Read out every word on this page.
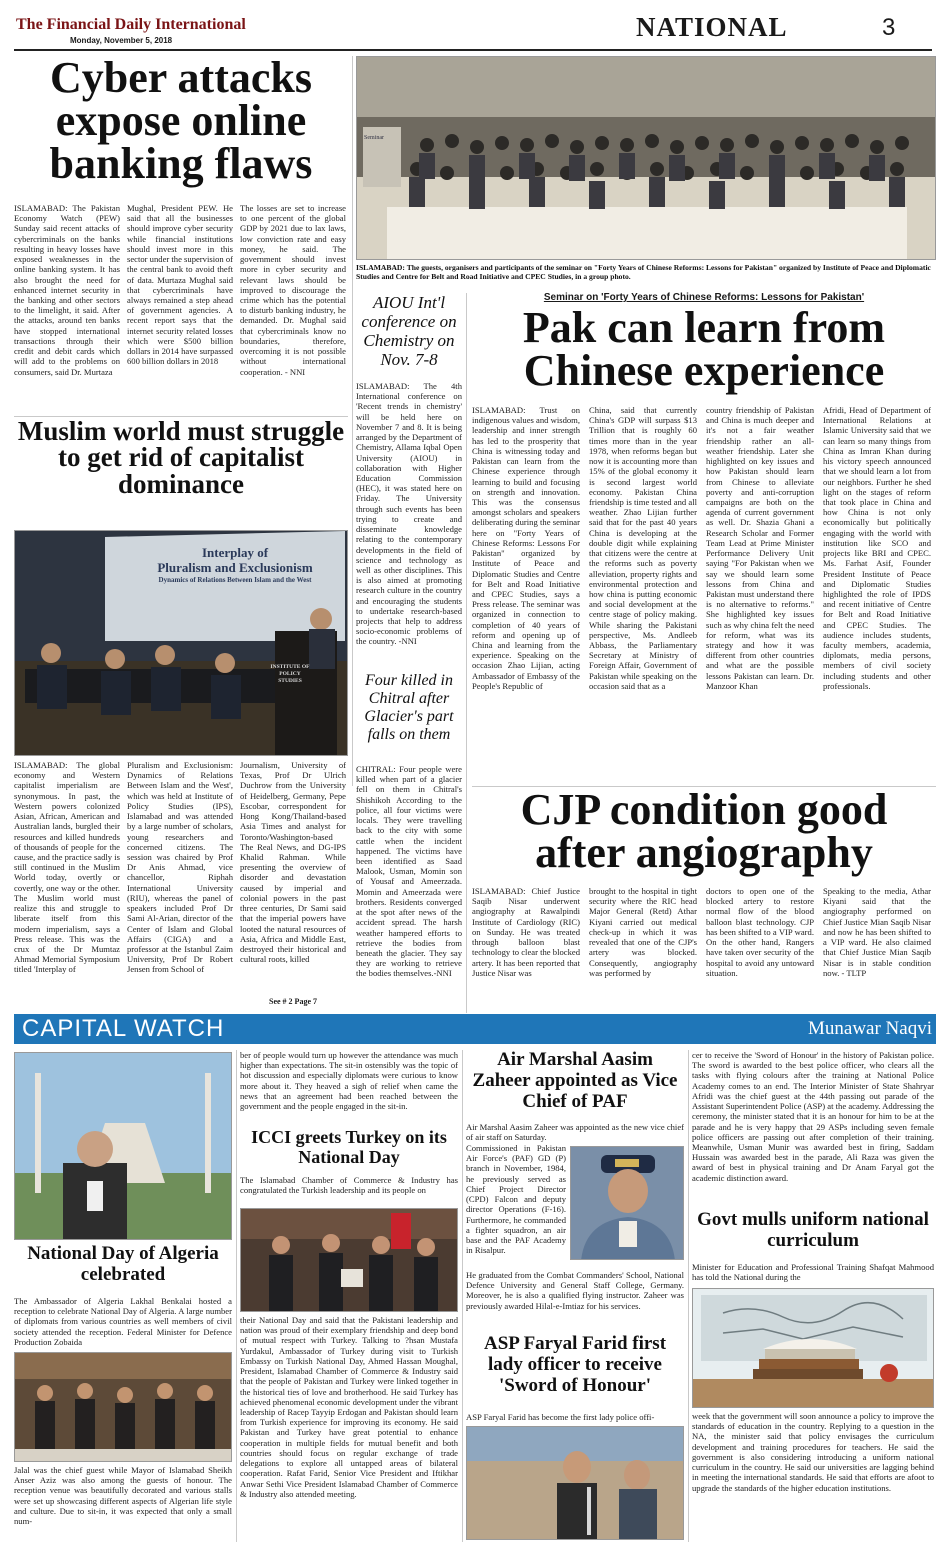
The Financial Daily International
Monday, November 5, 2018	NATIONAL	3
Cyber attacks expose online banking flaws
ISLAMABAD: The Pakistan Economy Watch (PEW) Sunday said recent attacks of cybercriminals on the banks resulting in heavy losses have exposed weaknesses in the online banking system. It has also brought the need for enhanced internet security in the banking and other sectors to the limelight, it said. After the attacks, around ten banks have stopped international transactions through their credit and debit cards which will add to the problems on consumers, said Dr. Murtaza
Mughal, President PEW. He said that all the businesses should improve cyber security while financial institutions should invest more in this sector under the supervision of the central bank to avoid theft of data. Murtaza Mughal said that cybercriminals have always remained a step ahead of government agencies. A recent report says that the internet security related losses which were $500 billion dollars in 2014 have surpassed 600 billion dollars in 2018
The losses are set to increase to one percent of the global GDP by 2021 due to lax laws, low conviction rate and easy money, he said. The government should invest more in cyber security and relevant laws should be improved to discourage the crime which has the potential to disturb banking industry, he demanded. Dr. Mughal said that cybercriminals know no boundaries, therefore, overcoming it is not possible without international cooperation. - NNI
Seminar
ISLAMABAD: The guests, organisers and participants of the seminar on "Forty Years of Chinese Reforms: Lessons for Pakistan" organized by Institute of Peace and Diplomatic Studies and Centre for Belt and Road Initiative and CPEC Studies, in a group photo.
AIOU Int'l conference on Chemistry on Nov. 7-8
ISLAMABAD: The 4th International conference on 'Recent trends in chemistry' will be held here on November 7 and 8. It is being arranged by the Department of Chemistry, Allama Iqbal Open University (AIOU) in collaboration with Higher Education Commission (HEC), it was stated here on Friday. The University through such events has been trying to create and disseminate knowledge relating to the contemporary developments in the field of science and technology as well as other disciplines. This is also aimed at promoting research culture in the country and encouraging the students to undertake research-based projects that help to address socio-economic problems of the country. -NNI
Four killed in Chitral after Glacier's part falls on them
CHITRAL: Four people were killed when part of a glacier fell on them in Chitral's Shishikoh According to the police, all four victims were locals. They were travelling back to the city with some cattle when the incident happened. The victims have been identified as Saad Malook, Usman, Momin son of Yousaf and Ameerzada. Momin and Ameerzada were brothers. Residents converged at the spot after news of the accident spread. The harsh weather hampered efforts to retrieve the bodies from beneath the glacier. They say they are working to retrieve the bodies themselves.-NNI
Muslim world must struggle to get rid of capitalist dominance
Interplay of
Pluralism and Exclusionism
Dynamics of Relations Between Islam and the West
INSTITUTE OF POLICY STUDIES
ISLAMABAD: The global economy and Western capitalist imperialism are synonymous. In past, the Western powers colonized Asian, African, American and Australian lands, burgled their resources and killed hundreds of thousands of people for the cause, and the practice sadly is still continued in the Muslim World today, overtly or covertly, one way or the other. The Muslim world must realize this and struggle to liberate itself from this modern imperialism, says a Press release. This was the crux of the Dr Mumtaz Ahmad Memorial Symposium titled 'Interplay of
Pluralism and Exclusionism: Dynamics of Relations Between Islam and the West', which was held at Institute of Policy Studies (IPS), Islamabad and was attended by a large number of scholars, young researchers and concerned citizens. The session was chaired by Prof Dr Anis Ahmad, vice chancellor, Riphah International University (RIU), whereas the panel of speakers included Prof Dr Sami Al-Arian, director of the Center of Islam and Global Affairs (CIGA) and a professor at the Istanbul Zaim University, Prof Dr Robert Jensen from School of
Journalism, University of Texas, Prof Dr Ulrich Duchrow from the University of Heidelberg, Germany, Pepe Escobar, correspondent for Hong Kong/Thailand-based Asia Times and analyst for Toronto/Washington-based The Real News, and DG-IPS Khalid Rahman. While presenting the overview of disorder and devastation caused by imperial and colonial powers in the past three centuries, Dr Sami said that the imperial powers have looted the natural resources of Asia, Africa and Middle East, destroyed their historical and cultural roots, killed
See # 2 Page 7
Seminar on 'Forty Years of Chinese Reforms: Lessons for Pakistan'
Pak can learn from Chinese experience
ISLAMABAD: Trust on indigenous values and wisdom, leadership and inner strength has led to the prosperity that China is witnessing today and Pakistan can learn from the Chinese experience through learning to build and focusing on strength and innovation. This was the consensus amongst scholars and speakers deliberating during the seminar here on "Forty Years of Chinese Reforms: Lessons For Pakistan" organized by Institute of Peace and Diplomatic Studies and Centre for Belt and Road Initiative and CPEC Studies, says a Press release. The seminar was organized in connection to completion of 40 years of reform and opening up of China and learning from the experience. Speaking on the occasion Zhao Lijian, acting Ambassador of Embassy of the People's Republic of
China, said that currently China's GDP will surpass $13 Trillion that is roughly 60 times more than in the year 1978, when reforms began but now it is accounting more than 15% of the global economy it is second largest world economy. Pakistan China friendship is time tested and all weather. Zhao Lijian further said that for the past 40 years China is developing at the double digit while explaining that citizens were the centre at the reforms such as poverty alleviation, property rights and environmental protection and how china is putting economic and social development at the centre stage of policy making. While sharing the Pakistani perspective, Ms. Andleeb Abbass, the Parliamentary Secretary at Ministry of Foreign Affair, Government of Pakistan while speaking on the occasion said that as a
country friendship of Pakistan and China is much deeper and it's not a fair weather friendship rather an all-weather friendship. Later she highlighted on key issues and how Pakistan should learn from Chinese to alleviate poverty and anti-corruption campaigns are both on the agenda of current government as well. Dr. Shazia Ghani a Research Scholar and Former Team Lead at Prime Minister Performance Delivery Unit saying "For Pakistan when we say we should learn some lessons from China and Pakistan must understand there is no alternative to reforms." She highlighted key issues such as why china felt the need for reform, what was its strategy and how it was different from other countries and what are the possible lessons Pakistan can learn. Dr. Manzoor Khan
Afridi, Head of Department of International Relations at Islamic University said that we can learn so many things from China as Imran Khan during his victory speech announced that we should learn a lot from our neighbors. Further he shed light on the stages of reform that took place in China and how China is not only economically but politically engaging with the world with institution like SCO and projects like BRI and CPEC. Ms. Farhat Asif, Founder President Institute of Peace and Diplomatic Studies highlighted the role of IPDS and recent initiative of Centre for Belt and Road Initiative and CPEC Studies. The audience includes students, faculty members, academia, diplomats, media persons, members of civil society including students and other professionals.
CJP condition good after angiography
ISLAMABAD: Chief Justice Saqib Nisar underwent angiography at Rawalpindi Institute of Cardiology (RIC) on Sunday. He was treated through balloon blast technology to clear the blocked artery. It has been reported that Justice Nisar was
brought to the hospital in tight security where the RIC head Major General (Retd) Athar Kiyani carried out medical check-up in which it was revealed that one of the CJP's artery was blocked. Consequently, angiography was performed by
doctors to open one of the blocked artery to restore normal flow of the blood balloon blast technology. CJP has been shifted to a VIP ward. On the other hand, Rangers have taken over security of the hospital to avoid any untoward situation.
Speaking to the media, Athar Kiyani said that the angiography performed on Chief Justice Mian Saqib Nisar and now he has been shifted to a VIP ward. He also claimed that Chief Justice Mian Saqib Nisar is in stable condition now. - TLTP
CAPITAL WATCH	Munawar Naqvi
National Day of Algeria celebrated
The Ambassador of Algeria Lakhal Benkalai hosted a reception to celebrate National Day of Algeria. A large number of diplomats from various countries as well members of civil society attended the reception. Federal Minister for Defence Production Zobaida
Jalal was the chief guest while Mayor of Islamabad Sheikh Anser Aziz was also among the guests of honour. The reception venue was beautifully decorated and various stalls were set up showcasing different aspects of Algerian life style and culture. Due to sit-in, it was expected that only a small num-
ber of people would turn up however the attendance was much higher than expectations. The sit-in ostensibly was the topic of hot discussion and especially diplomats were curious to know more about it. They heaved a sigh of relief when came the news that an agreement had been reached between the government and the people engaged in the sit-in.
ICCI greets Turkey on its National Day
The Islamabad Chamber of Commerce & Industry has congratulated the Turkish leadership and its people on
their National Day and said that the Pakistani leadership and nation was proud of their exemplary friendship and deep bond of mutual respect with Turkey. Talking to ?hsan Mustafa Yurdakul, Ambassador of Turkey during visit to Turkish Embassy on Turkish National Day, Ahmed Hassan Moughal, President, Islamabad Chamber of Commerce & Industry said that the people of Pakistan and Turkey were linked together in the historical ties of love and brotherhood. He said Turkey has achieved phenomenal economic development under the vibrant leadership of Racep Tayyip Erdogan and Pakistan should learn from Turkish experience for improving its economy. He said Pakistan and Turkey have great potential to enhance cooperation in multiple fields for mutual benefit and both countries should focus on regular exchange of trade delegations to explore all untapped areas of bilateral cooperation. Rafat Farid, Senior Vice President and Iftikhar Anwar Sethi Vice President Islamabad Chamber of Commerce & Industry also attended meeting.
Air Marshal Aasim Zaheer appointed as Vice Chief of PAF
Air Marshal Aasim Zaheer was appointed as the new vice chief of air staff on Saturday.
Commissioned in Pakistan Air Force's (PAF) GD (P) branch in November, 1984, he previously served as Chief Project Director (CPD) Falcon and deputy director Operations (F-16). Furthermore, he commanded a fighter squadron, an air base and the PAF Academy in Risalpur.
He graduated from the Combat Commanders' School, National Defence University and General Staff College, Germany. Moreover, he is also a qualified flying instructor. Zaheer was previously awarded Hilal-e-Imtiaz for his services.
ASP Faryal Farid first lady officer to receive 'Sword of Honour'
ASP Faryal Farid has become the first lady police offi-
cer to receive the 'Sword of Honour' in the history of Pakistan police. The sword is awarded to the best police officer, who clears all the tasks with flying colours after the training at National Police Academy comes to an end. The Interior Minister of State Shahryar Afridi was the chief guest at the 44th passing out parade of the Assistant Superintendent Police (ASP) at the academy. Addressing the ceremony, the minister stated that it is an honour for him to be at the parade and he is very happy that 29 ASPs including seven female police officers are passing out after completion of their training. Meanwhile, Usman Munir was awarded best in firing, Saddam Hussain was awarded best in the parade, Ali Raza was given the award of best in physical training and Dr Anam Faryal got the academic distinction award.
Govt mulls uniform national curriculum
Minister for Education and Professional Training Shafqat Mahmood has told the National during the
week that the government will soon announce a policy to improve the standards of education in the country. Replying to a question in the NA, the minister said that policy envisages the curriculum development and training procedures for teachers. He said the government is also considering introducing a uniform national curriculum in the country. He said our universities are lagging behind in meeting the international standards. He said that efforts are afoot to upgrade the standards of the higher education institutions.
